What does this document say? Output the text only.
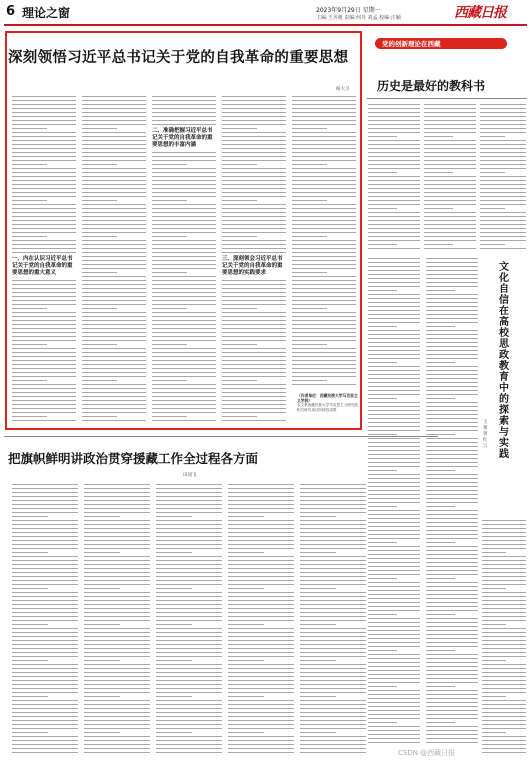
6 理论之窗	2023年9月29日 星期一
主编:王齐遇 责编:何丹 刘孟 校编:汪颖	西藏日报
深刻领悟习近平总书记关于党的自我革命的重要思想
杨大卫
一、内在认识习近平总书记关于党的自我革命的重要思想的重大意义
二、准确把握习近平总书记关于党的自我革命的重要思想的丰富内涵
三、深刻领会习近平总书记关于党的自我革命的重要思想的实践要求
（作者单位：西藏民族大学马克思主义学院）
本文系西藏民族大学马克思主义研究院相关研究项目阶段性成果
党的创新理论在西藏
历史是最好的教科书
文化自信在高校思政教育中的探索与实践
王蕾 曾红云
把旗帜鲜明讲政治贯穿援藏工作全过程各方面
田园飞
CSDN @西藏日报
